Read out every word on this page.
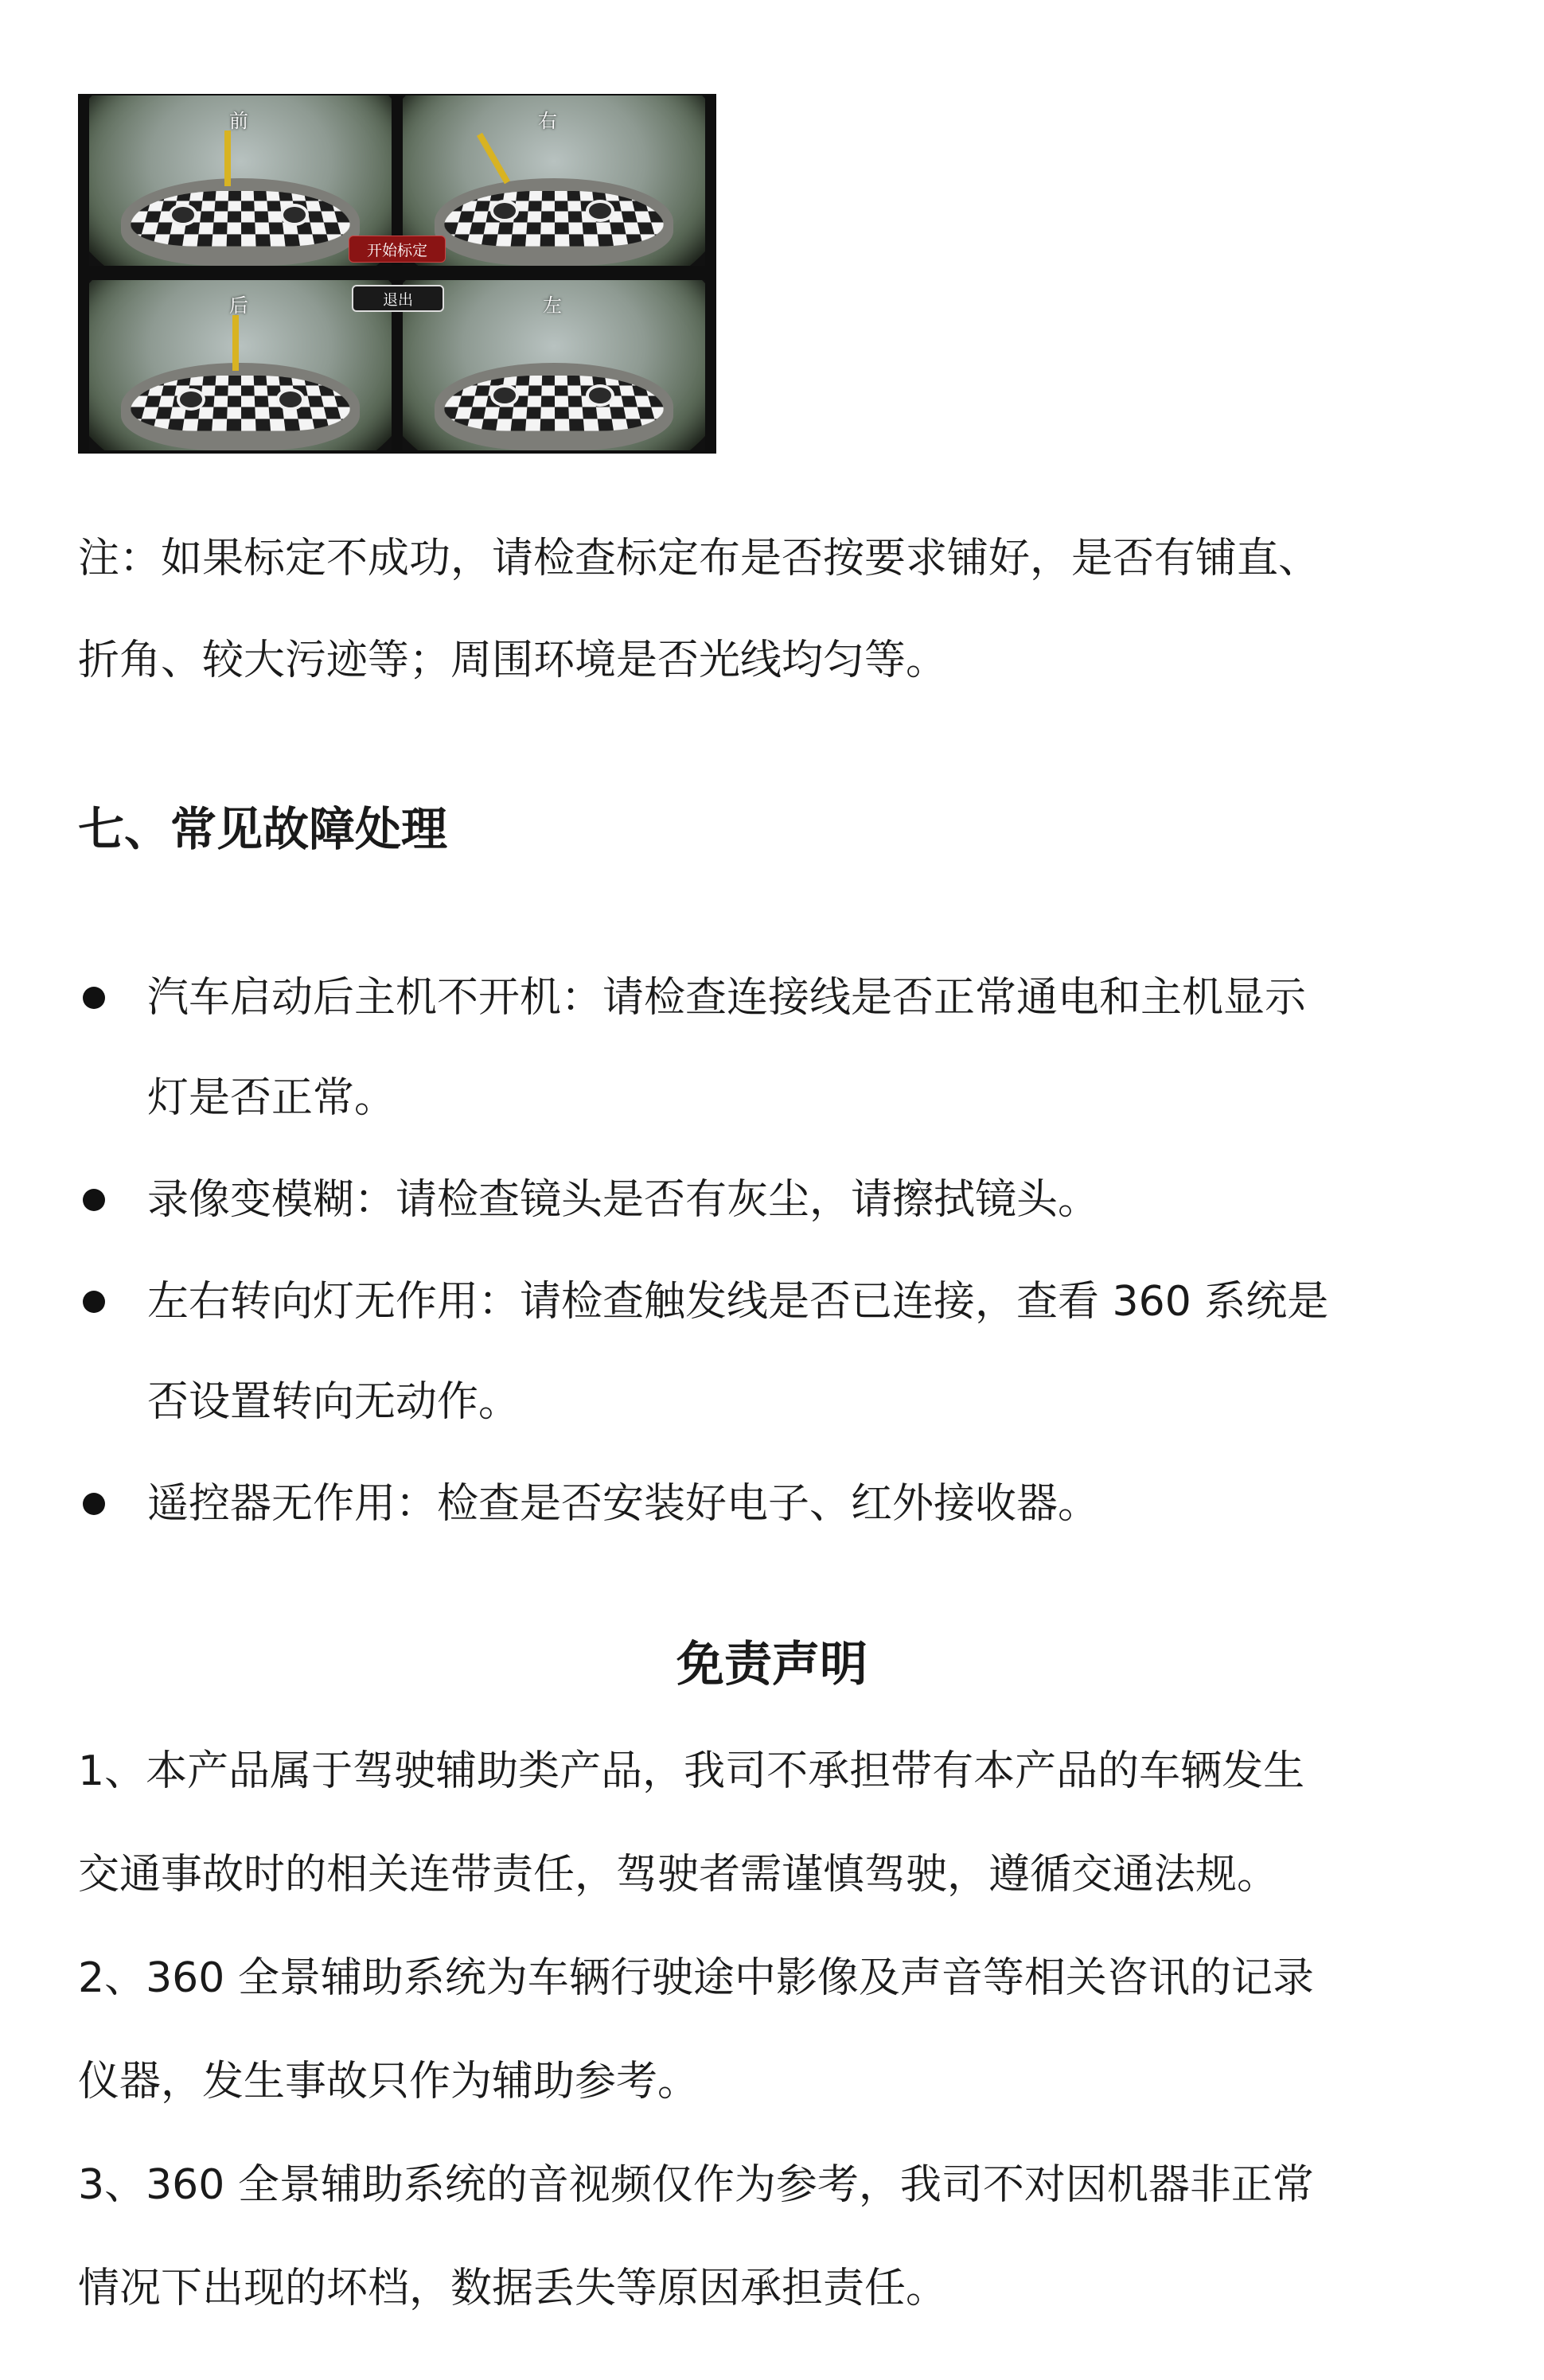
前	右
后	左
开始标定
退出
注：如果标定不成功，请检查标定布是否按要求铺好，是否有铺直、
折角、较大污迹等；周围环境是否光线均匀等。
七、常见故障处理
汽车启动后主机不开机：请检查连接线是否正常通电和主机显示
灯是否正常。
录像变模糊：请检查镜头是否有灰尘，请擦拭镜头。
左右转向灯无作用：请检查触发线是否已连接，查看 360 系统是
否设置转向无动作。
遥控器无作用：检查是否安装好电子、红外接收器。
免责声明
1、本产品属于驾驶辅助类产品，我司不承担带有本产品的车辆发生
交通事故时的相关连带责任，驾驶者需谨慎驾驶，遵循交通法规。
2、360 全景辅助系统为车辆行驶途中影像及声音等相关咨讯的记录
仪器，发生事故只作为辅助参考。
3、360 全景辅助系统的音视频仅作为参考，我司不对因机器非正常
情况下出现的坏档，数据丢失等原因承担责任。
